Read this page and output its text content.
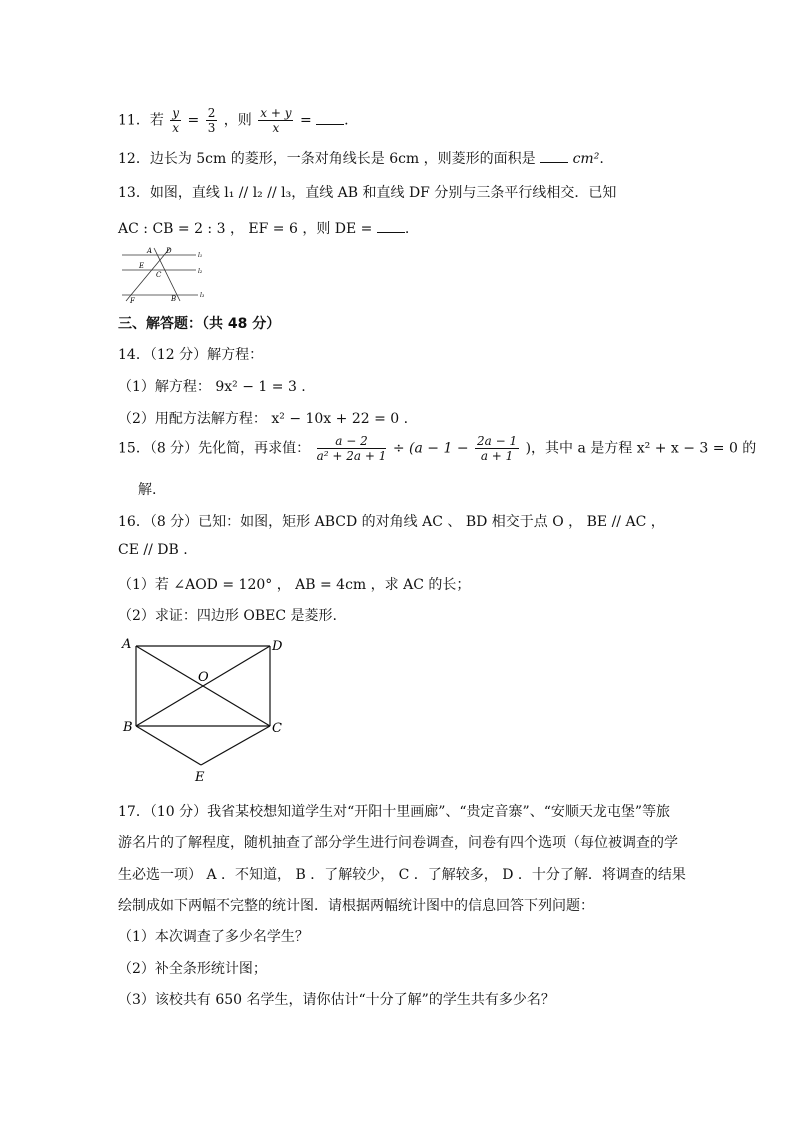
11．若 $\frac{y}{x} = \frac{2}{3}$ ，则 $\frac{x + y}{x}$ = .
12．边长为 5cm 的菱形，一条对角线长是 6cm ，则菱形的面积是	cm².
13．如图，直线 l₁ // l₂ // l₃，直线 AB 和直线 DF 分别与三条平行线相交．已知
AC : CB = 2 : 3 ， EF = 6 ，则 DE = .
A D
E
C
F	B
l₁
l₂
l₃
三、解答题：（共 48 分）
14．（12 分）解方程：
（1）解方程： 9x² − 1 = 3 .
（2）用配方法解方程： x² − 10x + 22 = 0 .
15．（8 分）先化简，再求值： $\frac{a - 2}{\text{a² + 2a + 1}} \div (a - 1 - \frac{2a - 1}{a + 1}$ )，其中 a 是方程 x² + x − 3 = 0 的
解.
16．（8 分）已知：如图，矩形 ABCD 的对角线 AC 、 BD 相交于点 O ， BE // AC ，
CE // DB .
（1）若 ∠AOD = 120° ， AB = 4cm ，求 AC 的长；
（2）求证：四边形 OBEC 是菱形.
A	D
O
B	C
E
17．（10 分）我省某校想知道学生对“开阳十里画廊”、“贵定音寨”、“安顺天龙屯堡”等旅
游名片的了解程度，随机抽查了部分学生进行问卷调查，问卷有四个选项（每位被调查的学
生必选一项） A ．不知道， B ．了解较少， C ．了解较多， D ．十分了解．将调查的结果
绘制成如下两幅不完整的统计图．请根据两幅统计图中的信息回答下列问题：
（1）本次调查了多少名学生？
（2）补全条形统计图；
（3）该校共有 650 名学生，请你估计“十分了解”的学生共有多少名？
